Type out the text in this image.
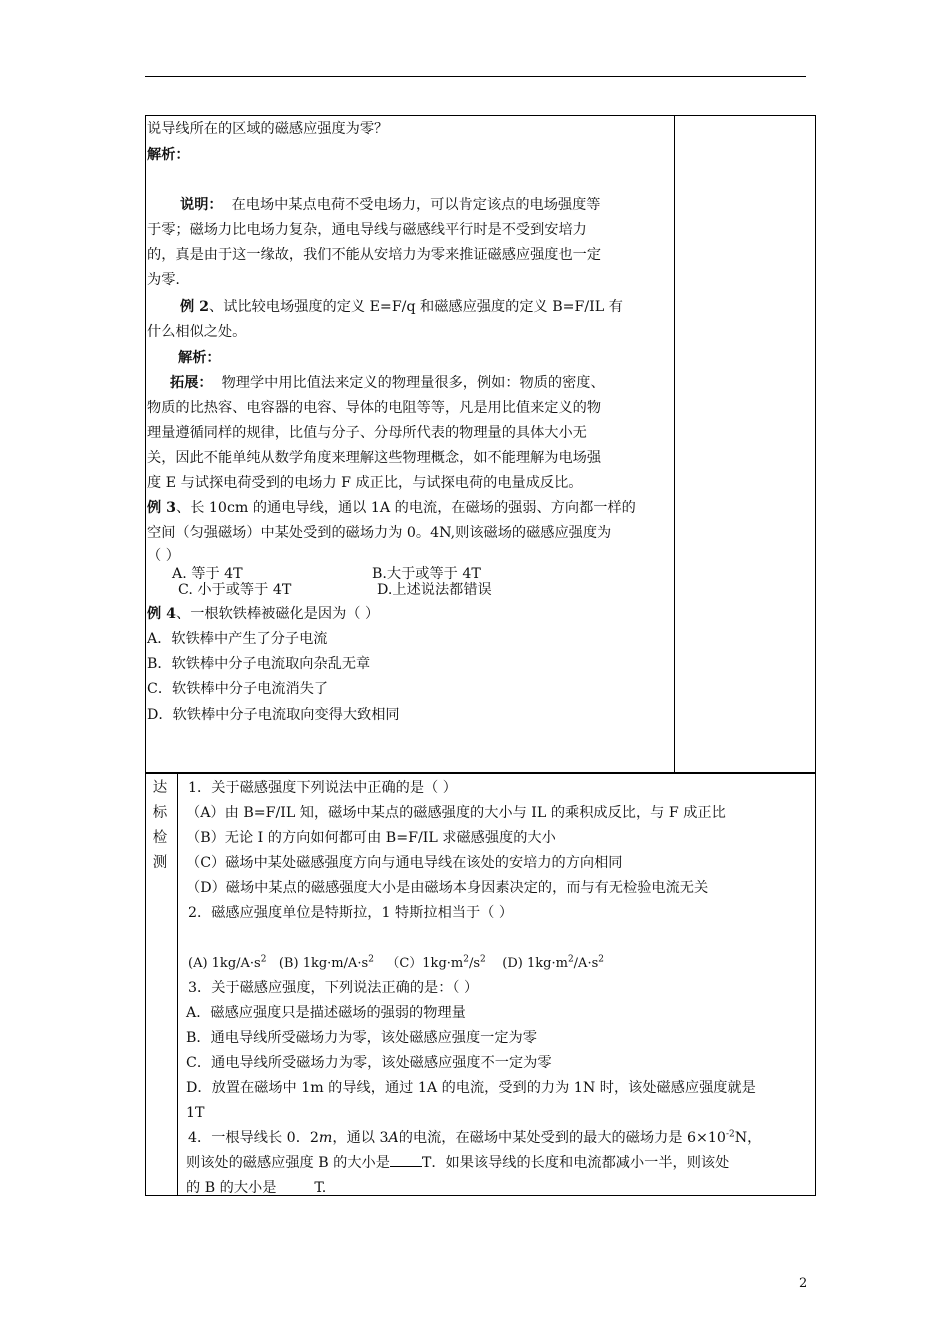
说导线所在的区域的磁感应强度为零？
解析：
说明： 在电场中某点电荷不受电场力，可以肯定该点的电场强度等
于零；磁场力比电场力复杂，通电导线与磁感线平行时是不受到安培力
的，真是由于这一缘故，我们不能从安培力为零来推证磁感应强度也一定
为零.
例 2、试比较电场强度的定义 E=F/q 和磁感应强度的定义 B=F/IL 有
什么相似之处。
解析：
拓展： 物理学中用比值法来定义的物理量很多，例如：物质的密度、
物质的比热容、电容器的电容、导体的电阻等等，凡是用比值来定义的物
理量遵循同样的规律，比值与分子、分母所代表的物理量的具体大小无
关，因此不能单纯从数学角度来理解这些物理概念，如不能理解为电场强
度 E 与试探电荷受到的电场力 F 成正比，与试探电荷的电量成反比。
例 3、长 10cm 的通电导线，通以 1A 的电流，在磁场的强弱、方向都一样的
空间（匀强磁场）中某处受到的磁场力为 0。4N,则该磁场的磁感应强度为
（ ）
A. 等于 4T	B.大于或等于 4T
C. 小于或等于 4T	D.上述说法都错误
例 4、一根软铁棒被磁化是因为（ ）
A．软铁棒中产生了分子电流
B．软铁棒中分子电流取向杂乱无章
C．软铁棒中分子电流消失了
D．软铁棒中分子电流取向变得大致相同
达
标
检
测
1．关于磁感强度下列说法中正确的是（ ）
（A）由 B=F/IL 知，磁场中某点的磁感强度的大小与 IL 的乘积成反比，与 F 成正比
（B）无论 I 的方向如何都可由 B=F/IL 求磁感强度的大小
（C）磁场中某处磁感强度方向与通电导线在该处的安培力的方向相同
（D）磁场中某点的磁感强度大小是由磁场本身因素决定的，而与有无检验电流无关
2．磁感应强度单位是特斯拉，1 特斯拉相当于（ ）
(A) $1kg/A\cdot s^2$ (B) $1kg\cdot m/A\cdot s^2$ $(C)1kg\cdot m^2/s^2$ (D) $1kg\cdot m^2/A\cdot s^2$
3．关于磁感应强度，下列说法正确的是：（ ）
A．磁感应强度只是描述磁场的强弱的物理量
B．通电导线所受磁场力为零，该处磁感应强度一定为零
C．通电导线所受磁场力为零，该处磁感应强度不一定为零
D．放置在磁场中 1m 的导线，通过 1A 的电流，受到的力为 1N 时，该处磁感应强度就是
1T
4．一根导线长 0．2m，通以 3A的电流，在磁场中某处受到的最大的磁场力是 $6\times 10^{-2}N$，
则该处的磁感应强度 B 的大小是 T．如果该导线的长度和电流都减小一半，则该处
的 B 的大小是	T.
2
